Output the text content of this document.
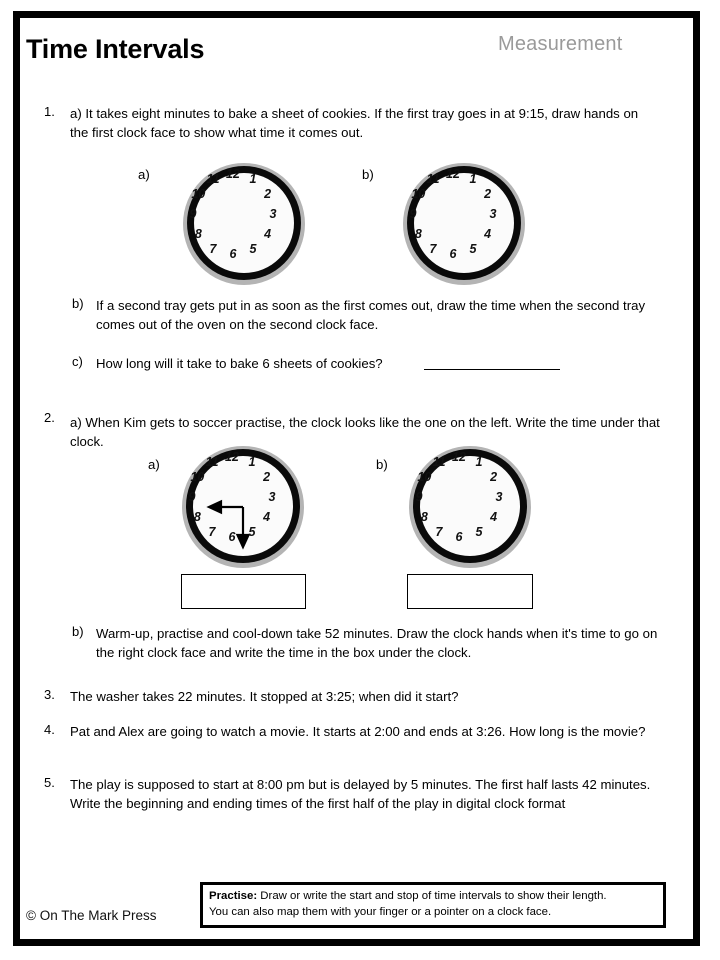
Time Intervals	Measurement
1. a) It takes eight minutes to bake a sheet of cookies. If the first tray goes in at 9:15, draw hands on the first clock face to show what time it comes out.
a)	12 1
2
3
4
5
6
7
8
9
10
11	b)	12 1
2
3
4
5
6
7
8
9
10
11
b) If a second tray gets put in as soon as the first comes out, draw the time when the second tray comes out of the oven on the second clock face.
c) How long will it take to bake 6 sheets of cookies?
2. a) When Kim gets to soccer practise, the clock looks like the one on the left. Write the time under that clock.
a)	12 1
2
3
4
5
6
7
8
9
10
11	b)	12 1
2
3
4
5
6
7
8
9
10
11
b) Warm-up, practise and cool-down take 52 minutes. Draw the clock hands when it's time to go on the right clock face and write the time in the box under the clock.
3. The washer takes 22 minutes. It stopped at 3:25; when did it start?
4. Pat and Alex are going to watch a movie. It starts at 2:00 and ends at 3:26. How long is the movie?
5. The play is supposed to start at 8:00 pm but is delayed by 5 minutes. The first half lasts 42 minutes. Write the beginning and ending times of the first half of the play in digital clock format
© On The Mark Press
Practise: Draw or write the start and stop of time intervals to show their length.
You can also map them with your finger or a pointer on a clock face.
